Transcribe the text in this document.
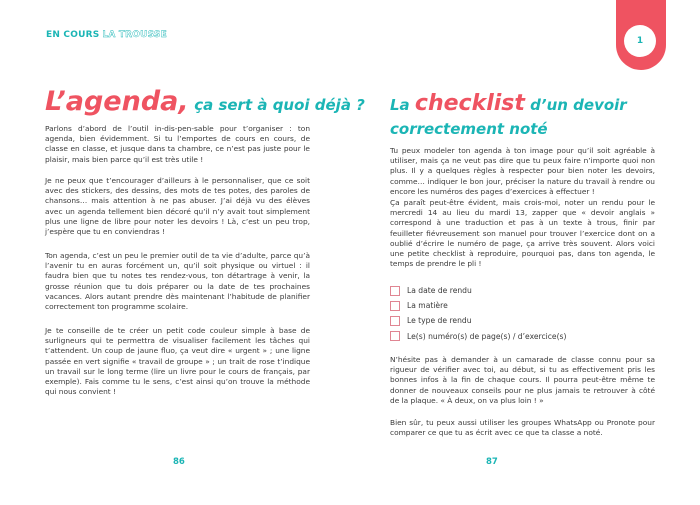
EN COURS LA TROUSSE
1
L’agenda, ça sert à quoi déjà ?
Parlons d’abord de l’outil in-dis-pen-sable pour t’organiser : ton agenda, bien évidemment. Si tu l’emportes de cours en cours, de classe en classe, et jusque dans ta chambre, ce n’est pas juste pour le plaisir, mais bien parce qu’il est très utile !
Je ne peux que t’encourager d’ailleurs à le personnaliser, que ce soit avec des stickers, des dessins, des mots de tes potes, des paroles de chansons… mais attention à ne pas abuser. J’ai déjà vu des élèves avec un agenda tellement bien décoré qu’il n’y avait tout simplement plus une ligne de libre pour noter les devoirs ! Là, c’est un peu trop, j’espère que tu en conviendras !
Ton agenda, c’est un peu le premier outil de ta vie d’adulte, parce qu’à l’avenir tu en auras forcément un, qu’il soit physique ou virtuel : il faudra bien que tu notes tes rendez-vous, ton détartrage à venir, la grosse réunion que tu dois préparer ou la date de tes prochaines vacances. Alors autant prendre dès maintenant l’habitude de planifier correctement ton programme scolaire.
Je te conseille de te créer un petit code couleur simple à base de surligneurs qui te permettra de visualiser facilement les tâches qui t’attendent. Un coup de jaune fluo, ça veut dire « urgent » ; une ligne passée en vert signifie « travail de groupe » ; un trait de rose t’indique un travail sur le long terme (lire un livre pour le cours de français, par exemple). Fais comme tu le sens, c’est ainsi qu’on trouve la méthode qui nous convient !
La checklist d’un devoir
correctement noté
Tu peux modeler ton agenda à ton image pour qu’il soit agréable à utiliser, mais ça ne veut pas dire que tu peux faire n’importe quoi non plus. Il y a quelques règles à respecter pour bien noter les devoirs, comme… indiquer le bon jour, préciser la nature du travail à rendre ou encore les numéros des pages d’exercices à effectuer !
Ça paraît peut-être évident, mais crois-moi, noter un rendu pour le mercredi 14 au lieu du mardi 13, zapper que « devoir anglais » correspond à une traduction et pas à un texte à trous, finir par feuilleter fiévreusement son manuel pour trouver l’exercice dont on a oublié d’écrire le numéro de page, ça arrive très souvent. Alors voici une petite checklist à reproduire, pourquoi pas, dans ton agenda, le temps de prendre le pli !
La date de rendu
La matière
Le type de rendu
Le(s) numéro(s) de page(s) / d’exercice(s)
N’hésite pas à demander à un camarade de classe connu pour sa rigueur de vérifier avec toi, au début, si tu as effectivement pris les bonnes infos à la fin de chaque cours. Il pourra peut-être même te donner de nouveaux conseils pour ne plus jamais te retrouver à côté de la plaque. « À deux, on va plus loin ! »
Bien sûr, tu peux aussi utiliser les groupes WhatsApp ou Pronote pour comparer ce que tu as écrit avec ce que ta classe a noté.
86	87
